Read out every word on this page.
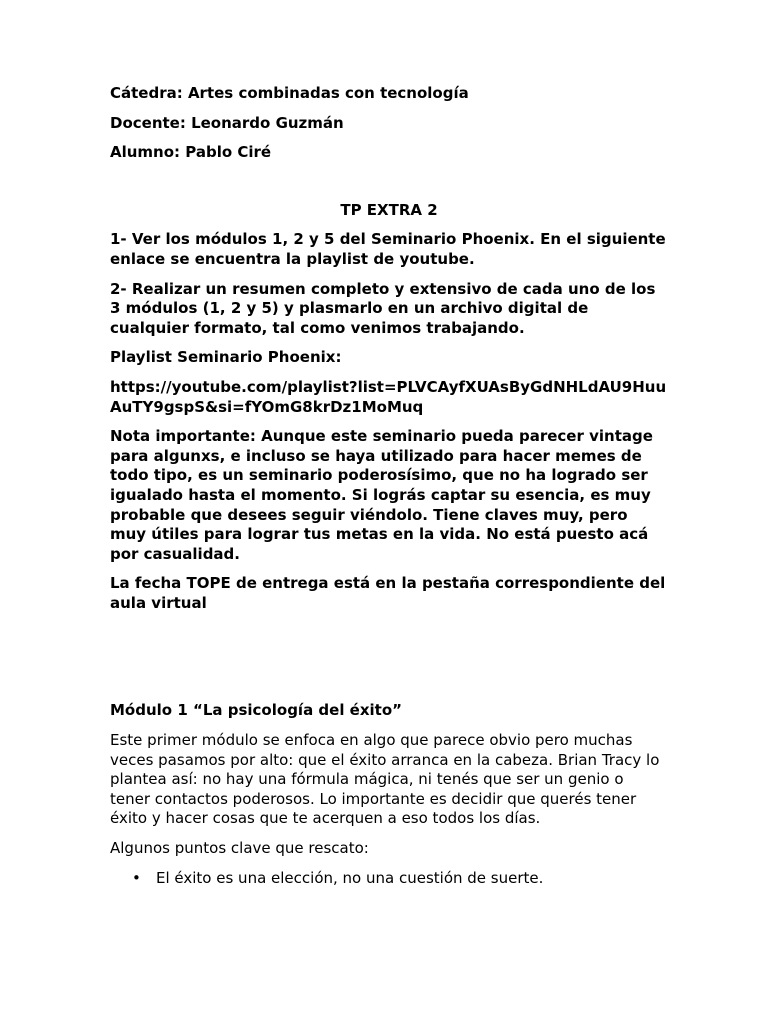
Cátedra: Artes combinadas con tecnología

Docente: Leonardo Guzmán

Alumno: Pablo Ciré

TP EXTRA 2

1- Ver los módulos 1, 2 y 5 del Seminario Phoenix. En el siguiente enlace se encuentra la playlist de youtube.

2- Realizar un resumen completo y extensivo de cada uno de los 3 módulos (1, 2 y 5) y plasmarlo en un archivo digital de cualquier formato, tal como venimos trabajando.

Playlist Seminario Phoenix:

https://youtube.com/playlist?list=PLVCAyfXUAsByGdNHLdAU9HuuAuTY9gspS&si=fYOmG8krDz1MoMuq

Nota importante: Aunque este seminario pueda parecer vintage para algunxs, e incluso se haya utilizado para hacer memes de todo tipo, es un seminario poderosísimo, que no ha logrado ser igualado hasta el momento. Si lográs captar su esencia, es muy probable que desees seguir viéndolo. Tiene claves muy, pero muy útiles para lograr tus metas en la vida. No está puesto acá por casualidad.

La fecha TOPE de entrega está en la pestaña correspondiente del aula virtual

Módulo 1 “La psicología del éxito”

Este primer módulo se enfoca en algo que parece obvio pero muchas veces pasamos por alto: que el éxito arranca en la cabeza. Brian Tracy lo plantea así: no hay una fórmula mágica, ni tenés que ser un genio o tener contactos poderosos. Lo importante es decidir que querés tener éxito y hacer cosas que te acerquen a eso todos los días.

Algunos puntos clave que rescato:

• El éxito es una elección, no una cuestión de suerte.
